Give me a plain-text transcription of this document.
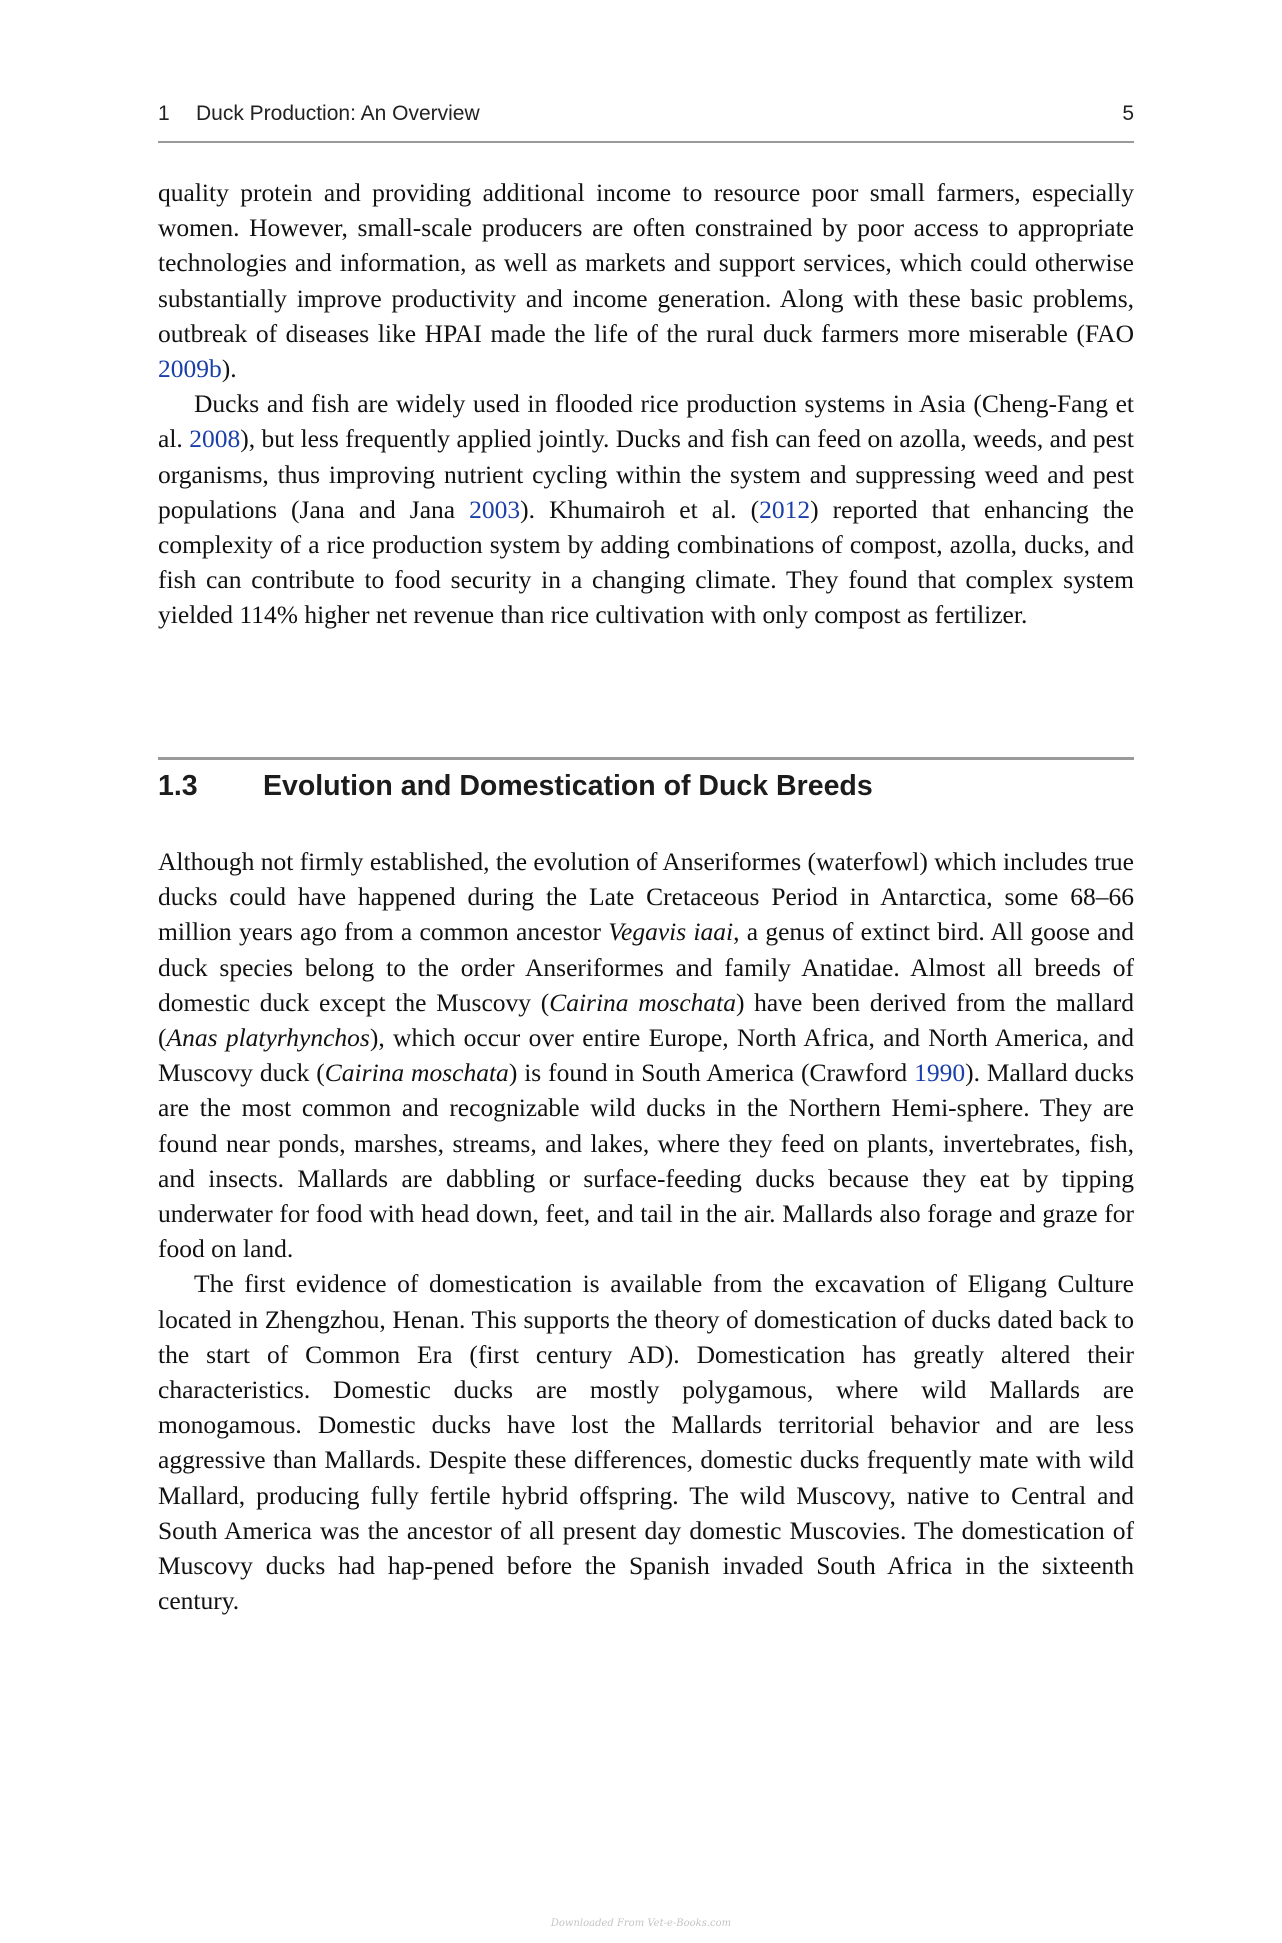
1 Duck Production: An Overview	5

quality protein and providing additional income to resource poor small farmers, especially women. However, small-scale producers are often constrained by poor access to appropriate technologies and information, as well as markets and support services, which could otherwise substantially improve productivity and income generation. Along with these basic problems, outbreak of diseases like HPAI made the life of the rural duck farmers more miserable (FAO 2009b).

Ducks and fish are widely used in flooded rice production systems in Asia (Cheng-Fang et al. 2008), but less frequently applied jointly. Ducks and fish can feed on azolla, weeds, and pest organisms, thus improving nutrient cycling within the system and suppressing weed and pest populations (Jana and Jana 2003). Khumairoh et al. (2012) reported that enhancing the complexity of a rice production system by adding combinations of compost, azolla, ducks, and fish can contribute to food security in a changing climate. They found that complex system yielded 114% higher net revenue than rice cultivation with only compost as fertilizer.

1.3 Evolution and Domestication of Duck Breeds

Although not firmly established, the evolution of Anseriformes (waterfowl) which includes true ducks could have happened during the Late Cretaceous Period in Antarctica, some 68–66 million years ago from a common ancestor Vegavis iaai, a genus of extinct bird. All goose and duck species belong to the order Anseriformes and family Anatidae. Almost all breeds of domestic duck except the Muscovy (Cairina moschata) have been derived from the mallard (Anas platyrhynchos), which occur over entire Europe, North Africa, and North America, and Muscovy duck (Cairina moschata) is found in South America (Crawford 1990). Mallard ducks are the most common and recognizable wild ducks in the Northern Hemi-sphere. They are found near ponds, marshes, streams, and lakes, where they feed on plants, invertebrates, fish, and insects. Mallards are dabbling or surface-feeding ducks because they eat by tipping underwater for food with head down, feet, and tail in the air. Mallards also forage and graze for food on land.

The first evidence of domestication is available from the excavation of Eligang Culture located in Zhengzhou, Henan. This supports the theory of domestication of ducks dated back to the start of Common Era (first century AD). Domestication has greatly altered their characteristics. Domestic ducks are mostly polygamous, where wild Mallards are monogamous. Domestic ducks have lost the Mallards territorial behavior and are less aggressive than Mallards. Despite these differences, domestic ducks frequently mate with wild Mallard, producing fully fertile hybrid offspring. The wild Muscovy, native to Central and South America was the ancestor of all present day domestic Muscovies. The domestication of Muscovy ducks had hap-pened before the Spanish invaded South Africa in the sixteenth century.

Downloaded From Vet-e-Books.com
